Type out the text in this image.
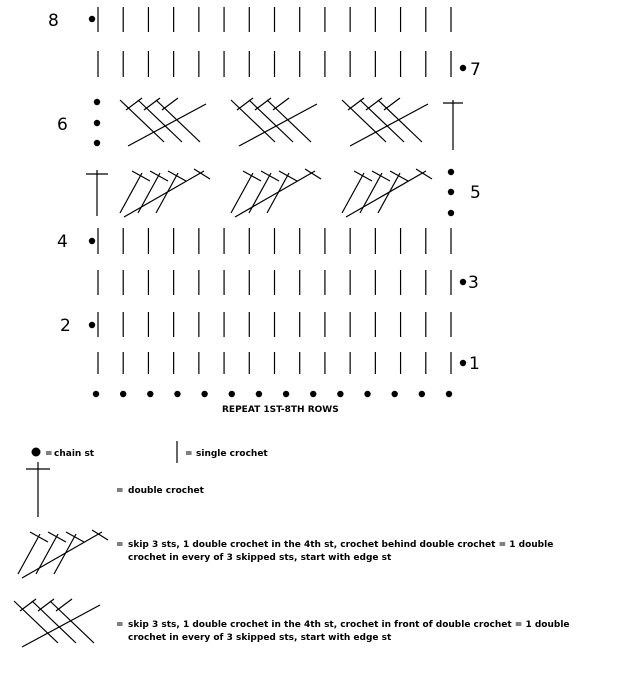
8
7
6
5
4
3
2
1
REPEAT 1ST-8TH ROWS
= chain st	= single crochet
= double crochet
= skip 3 sts, 1 double crochet in the 4th st, crochet behind double crochet = 1 double
crochet in every of 3 skipped sts, start with edge st
= skip 3 sts, 1 double crochet in the 4th st, crochet in front of double crochet = 1 double
crochet in every of 3 skipped sts, start with edge st
